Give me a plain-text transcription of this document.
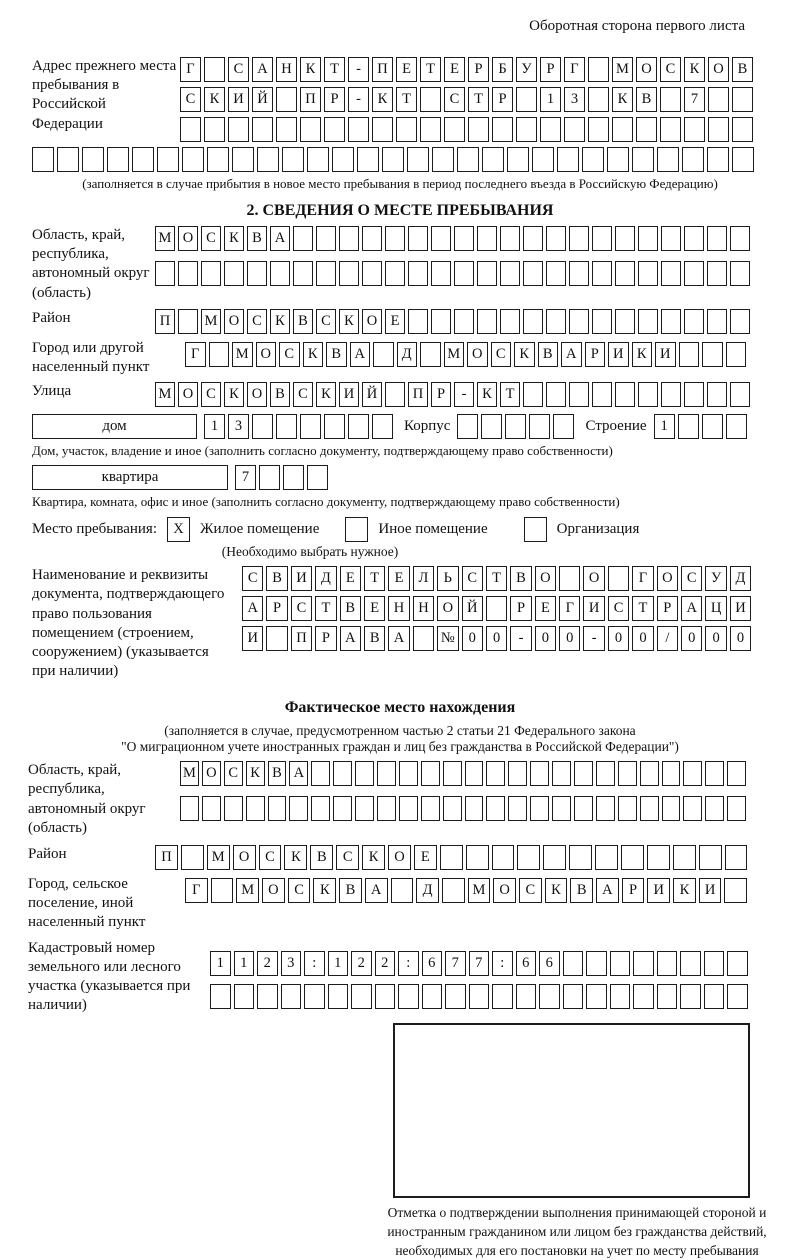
Оборотная сторона первого листа
Адрес прежнего места пребывания в Российской Федерации
Г	С А Н К	Т	-	П Е	Т	Е	Р	Б	У	Р	Г	М О С К О В
С К И Й	П	Р	-	К	Т	С	Т	Р	1	3	К В	7
(заполняется в случае прибытия в новое место пребывания в период последнего въезда в Российскую Федерацию)
2. СВЕДЕНИЯ О МЕСТЕ ПРЕБЫВАНИЯ
Область, край, республика, автономный округ (область)
М О С К В А
Район	П	М О С К В С К О Е
Город или другой населенный пункт
Г	М О С К В А	Д	М О С К В А Р И К И
Улица	М О С К О В С К И Й	П Р	-	К Т
дом	1	3	Корпус	Строение 1
Дом, участок, владение и иное (заполнить согласно документу, подтверждающему право собственности)
квартира	7
Квартира, комната, офис и иное (заполнить согласно документу, подтверждающему право собственности)
Место пребывания:	X	Жилое помещение	Иное помещение	Организация
(Необходимо выбрать нужное)
Наименование и реквизиты документа, подтверждающего право пользования помещением (строением, сооружением) (указывается при наличии)
С	В И Д	Е	Т	Е	Л	Ь	С	Т	В О	О	Г	О С У Д
А	Р	С	Т	В	Е	Н Н О Й	Р	Е	Г	И С	Т	Р	А Ц И
И	П	Р	А В А	№ 0	0	-	0	0	-	0	0	/	0	0	0
Фактическое место нахождения
(заполняется в случае, предусмотренном частью 2 статьи 21 Федерального закона
"О миграционном учете иностранных граждан и лиц без гражданства в Российской Федерации")
Область, край, республика, автономный округ (область)
М О С К В А
Район	П	М О	С	К	В	С	К	О	Е
Город, сельское поселение, иной населенный пункт
Г	М О	С	К	В	А	Д	М О	С	К	В	А	Р	И	К	И
Кадастровый номер земельного или лесного участка (указывается при наличии)
1	1	2	3	:	1	2	2	:	6	7	7	:	6	6
Отметка о подтверждении выполнения принимающей стороной и иностранным гражданином или лицом без гражданства действий, необходимых для его постановки на учет по месту пребывания
